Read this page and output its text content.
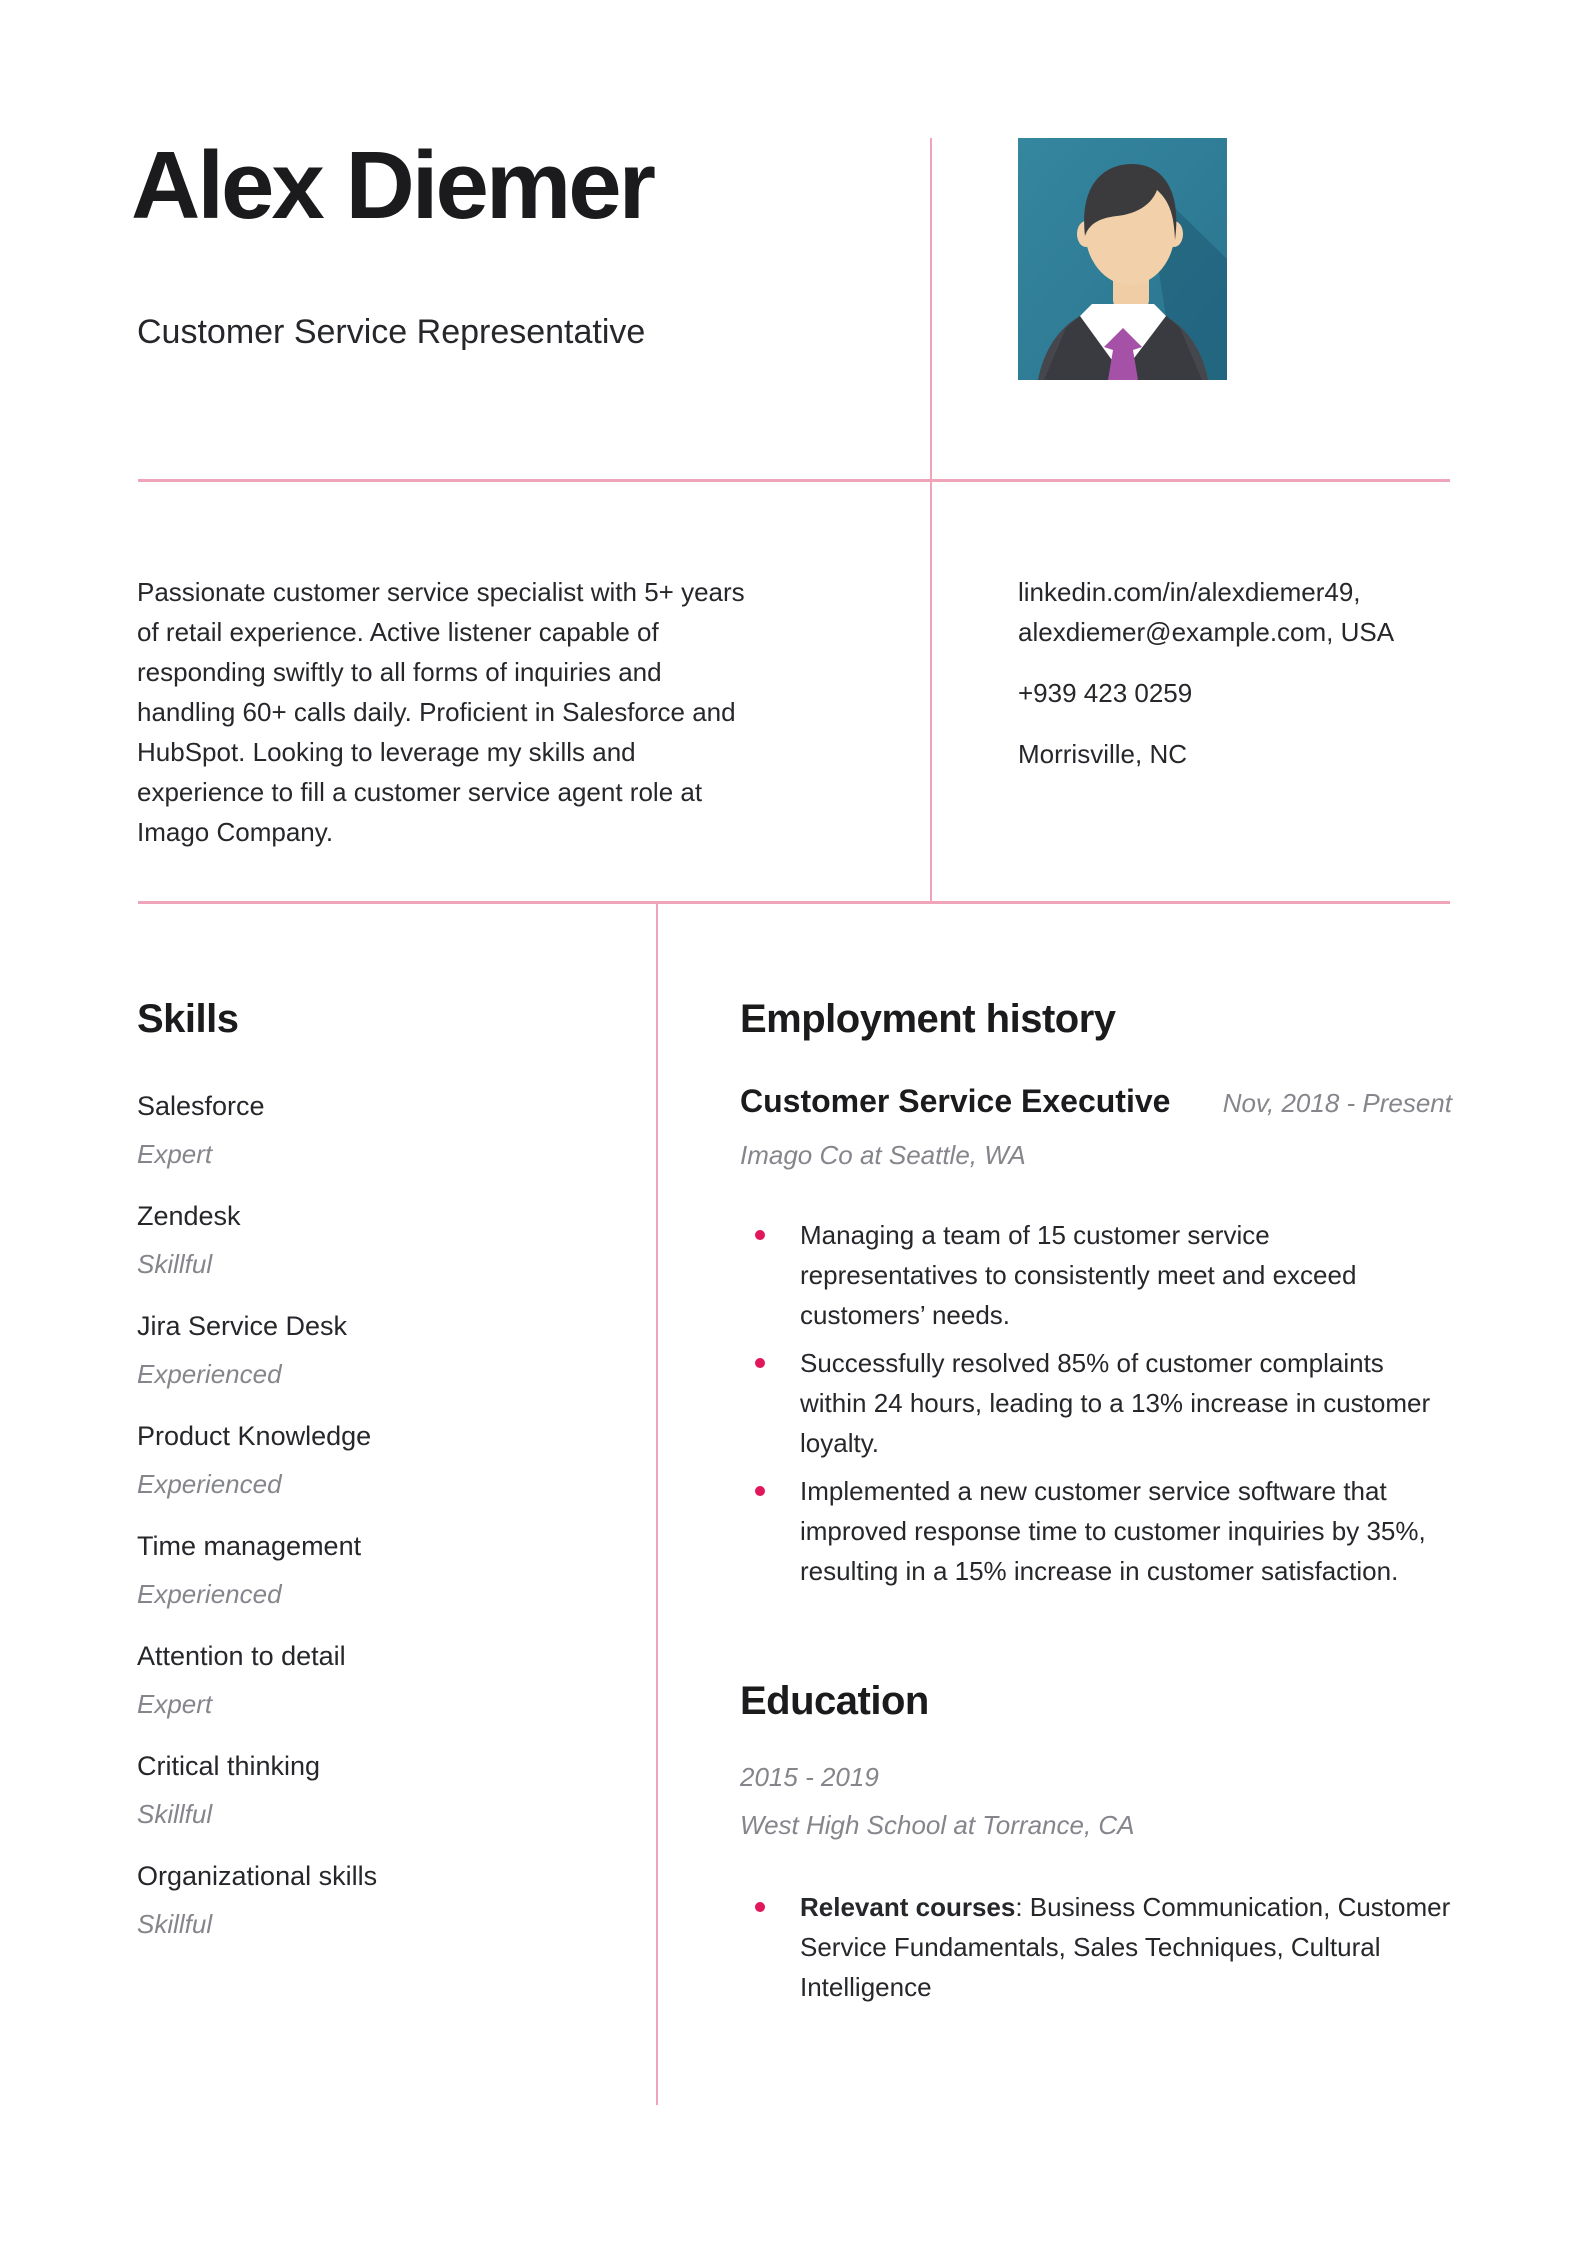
Alex Diemer
Customer Service Representative

Passionate customer service specialist with 5+ years of retail experience. Active listener capable of responding swiftly to all forms of inquiries and handling 60+ calls daily. Proficient in Salesforce and HubSpot. Looking to leverage my skills and experience to fill a customer service agent role at Imago Company.

linkedin.com/in/alexdiemer49,
alexdiemer@example.com, USA
+939 423 0259
Morrisville, NC
Skills
Salesforce
Expert
Zendesk
Skillful
Jira Service Desk
Experienced
Product Knowledge
Experienced
Time management
Experienced
Attention to detail
Expert
Critical thinking
Skillful
Organizational skills
Skillful
Employment history
Customer Service Executive Nov, 2018 - Present
Imago Co at Seattle, WA
Managing a team of 15 customer service representatives to consistently meet and exceed customers’ needs.
Successfully resolved 85% of customer complaints within 24 hours, leading to a 13% increase in customer loyalty.
Implemented a new customer service software that improved response time to customer inquiries by 35%, resulting in a 15% increase in customer satisfaction.
Education
2015 - 2019
West High School at Torrance, CA
Relevant courses: Business Communication, Customer Service Fundamentals, Sales Techniques, Cultural Intelligence
